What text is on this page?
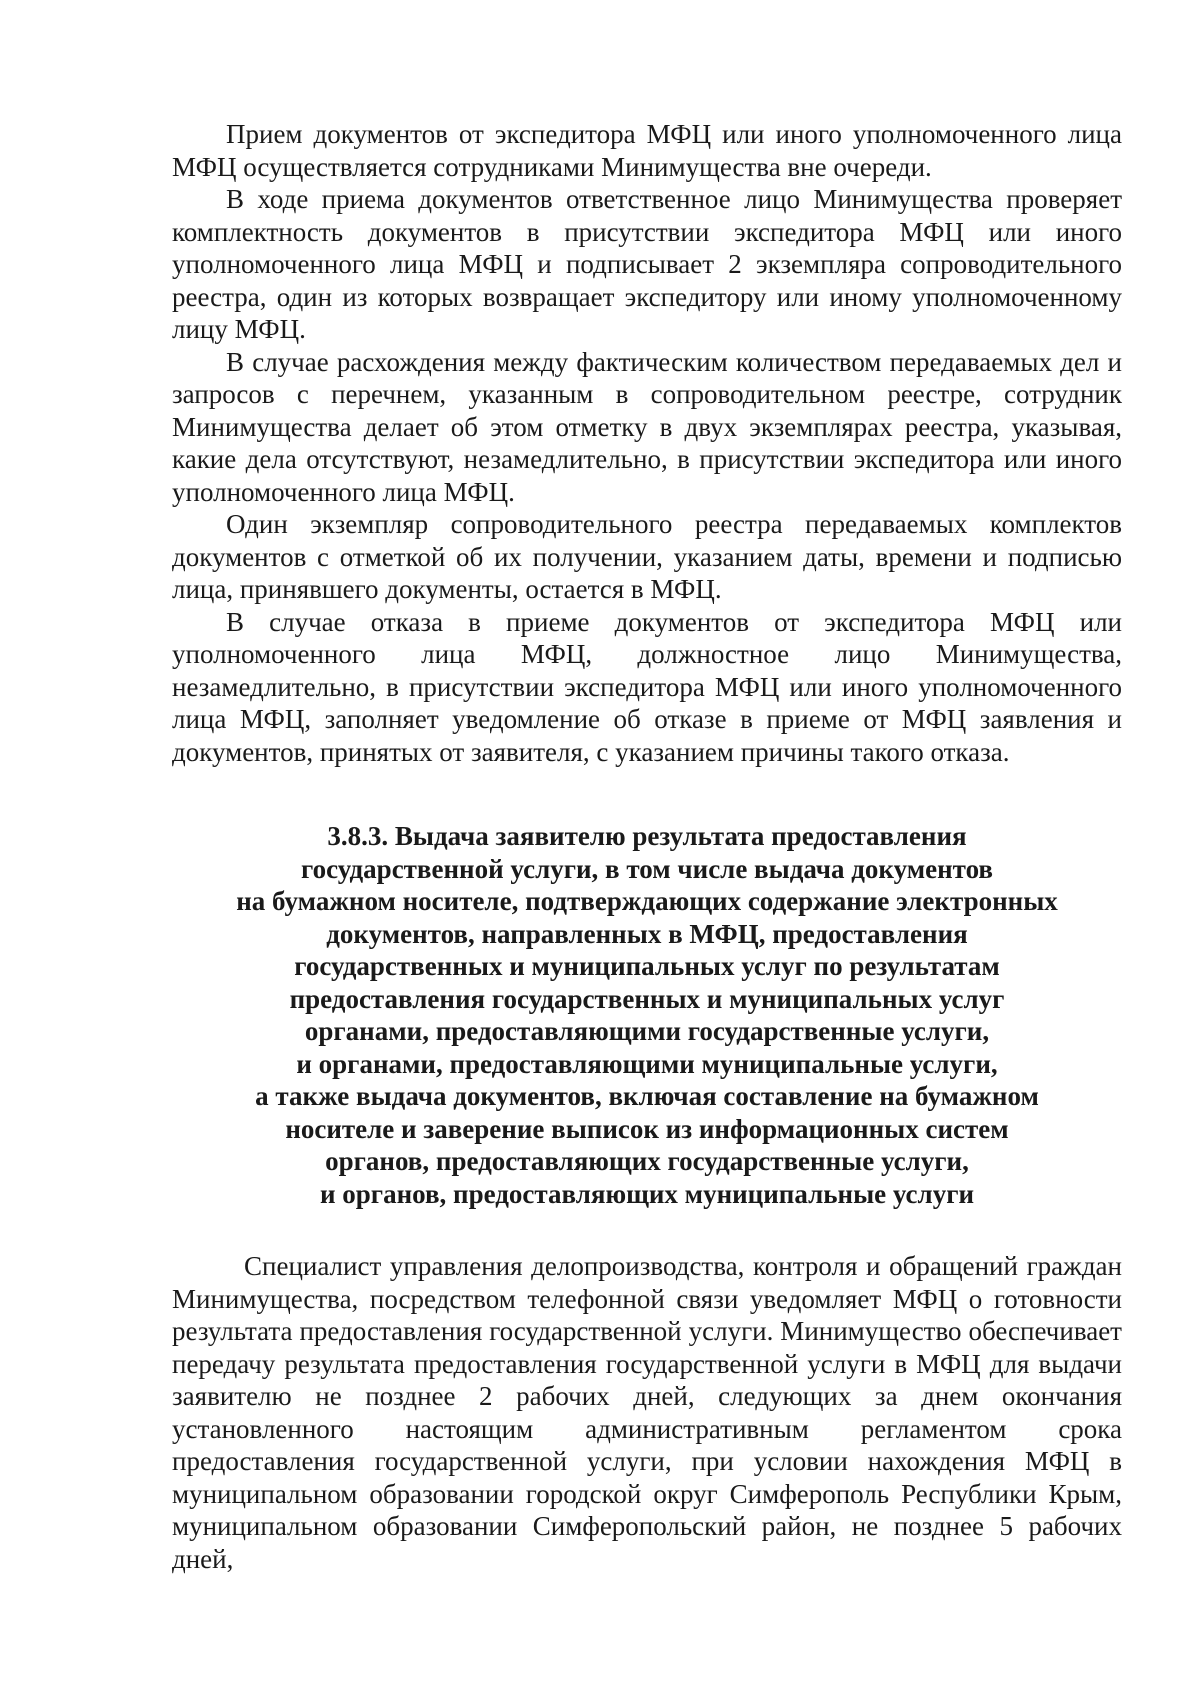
Прием документов от экспедитора МФЦ или иного уполномоченного лица МФЦ осуществляется сотрудниками Минимущества вне очереди.

В ходе приема документов ответственное лицо Минимущества проверяет комплектность документов в присутствии экспедитора МФЦ или иного уполномоченного лица МФЦ и подписывает 2 экземпляра сопроводительного реестра, один из которых возвращает экспедитору или иному уполномоченному лицу МФЦ.

В случае расхождения между фактическим количеством передаваемых дел и запросов с перечнем, указанным в сопроводительном реестре, сотрудник Минимущества делает об этом отметку в двух экземплярах реестра, указывая, какие дела отсутствуют, незамедлительно, в присутствии экспедитора или иного уполномоченного лица МФЦ.

Один экземпляр сопроводительного реестра передаваемых комплектов документов с отметкой об их получении, указанием даты, времени и подписью лица, принявшего документы, остается в МФЦ.

В случае отказа в приеме документов от экспедитора МФЦ или уполномоченного лица МФЦ, должностное лицо Минимущества, незамедлительно, в присутствии экспедитора МФЦ или иного уполномоченного лица МФЦ, заполняет уведомление об отказе в приеме от МФЦ заявления и документов, принятых от заявителя, с указанием причины такого отказа.

3.8.3. Выдача заявителю результата предоставления
государственной услуги, в том числе выдача документов
на бумажном носителе, подтверждающих содержание электронных
документов, направленных в МФЦ, предоставления
государственных и муниципальных услуг по результатам
предоставления государственных и муниципальных услуг
органами, предоставляющими государственные услуги,
и органами, предоставляющими муниципальные услуги,
а также выдача документов, включая составление на бумажном
носителе и заверение выписок из информационных систем
органов, предоставляющих государственные услуги,
и органов, предоставляющих муниципальные услуги

Специалист управления делопроизводства, контроля и обращений граждан Минимущества, посредством телефонной связи уведомляет МФЦ о готовности результата предоставления государственной услуги. Минимущество обеспечивает передачу результата предоставления государственной услуги в МФЦ для выдачи заявителю не позднее 2 рабочих дней, следующих за днем окончания установленного настоящим административным регламентом срока предоставления государственной услуги, при условии нахождения МФЦ в муниципальном образовании городской округ Симферополь Республики Крым, муниципальном образовании Симферопольский район, не позднее 5 рабочих дней,
